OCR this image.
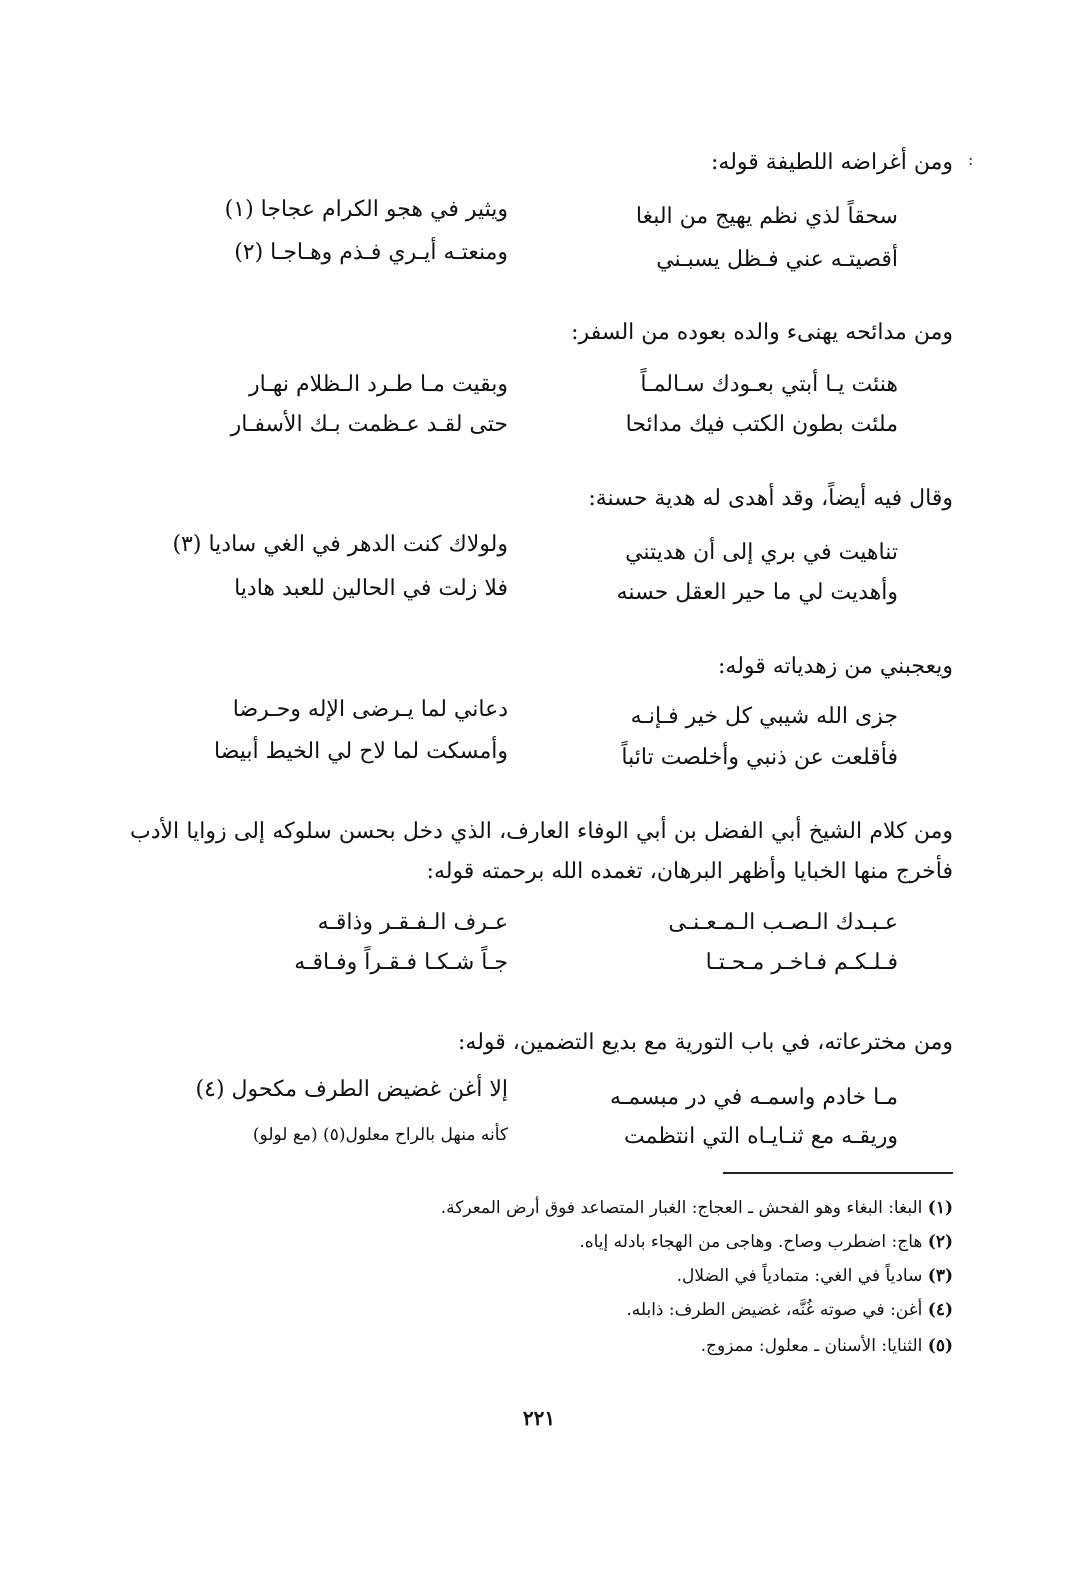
:
ومن أغراضه اللطيفة قوله:
سحقاً لذي نظم يهيج من البغا
ويثير في هجو الكرام عجاجا (١)
أقصيتـه عني فـظل يسبـني
ومنعتـه أيـري فـذم وهـاجـا (٢)
ومن مدائحه يهنىء والده بعوده من السفر:
هنئت يـا أبتي بعـودك سـالمـاً
وبقيت مـا طـرد الـظلام نهـار
ملئت بطون الكتب فيك مدائحا
حتى لقـد عـظمت بـك الأسفـار
وقال فيه أيضاً، وقد أهدى له هدية حسنة:
تناهيت في بري إلى أن هديتني
ولولاك كنت الدهر في الغي ساديا (٣)
وأهديت لي ما حير العقل حسنه
فلا زلت في الحالين للعبد هاديا
ويعجبني من زهدياته قوله:
جزى الله شيبي كل خير فـإنـه
دعاني لما يـرضى الإله وحـرضا
فأقلعت عن ذنبي وأخلصت تائباً
وأمسكت لما لاح لي الخيط أبيضا
ومن كلام الشيخ أبي الفضل بن أبي الوفاء العارف، الذي دخل بحسن سلوكه إلى زوايا الأدب فأخرج منها الخبايا وأظهر البرهان، تغمده الله برحمته قوله:
عـبـدك الـصـب الـمـعـنـى
عـرف الـفـقـر وذاقـه
فـلـكـم فـاخـر مـحـتـا
جـاً شـكـا فـقـراً وفـاقـه
ومن مخترعاته، في باب التورية مع بديع التضمين، قوله:
مـا خادم واسمـه في در مبسمـه
إلا أغن غضيض الطرف مكحول (٤)
وريقـه مع ثنـايـاه التي انتظمت
كأنه منهل بالراح معلول(٥) (مع لولو)
(١) البغا: البغاء وهو الفحش ـ العجاج: الغبار المتصاعد فوق أرض المعركة.
(٢) هاج: اضطرب وصاح. وهاجى من الهجاء بادله إياه.
(٣) سادياً في الغي: متمادياً في الضلال.
(٤) أغن: في صوته غُنَّه، غضيض الطرف: ذابله.
(٥) الثنايا: الأسنان ـ معلول: ممزوج.
٢٢١
